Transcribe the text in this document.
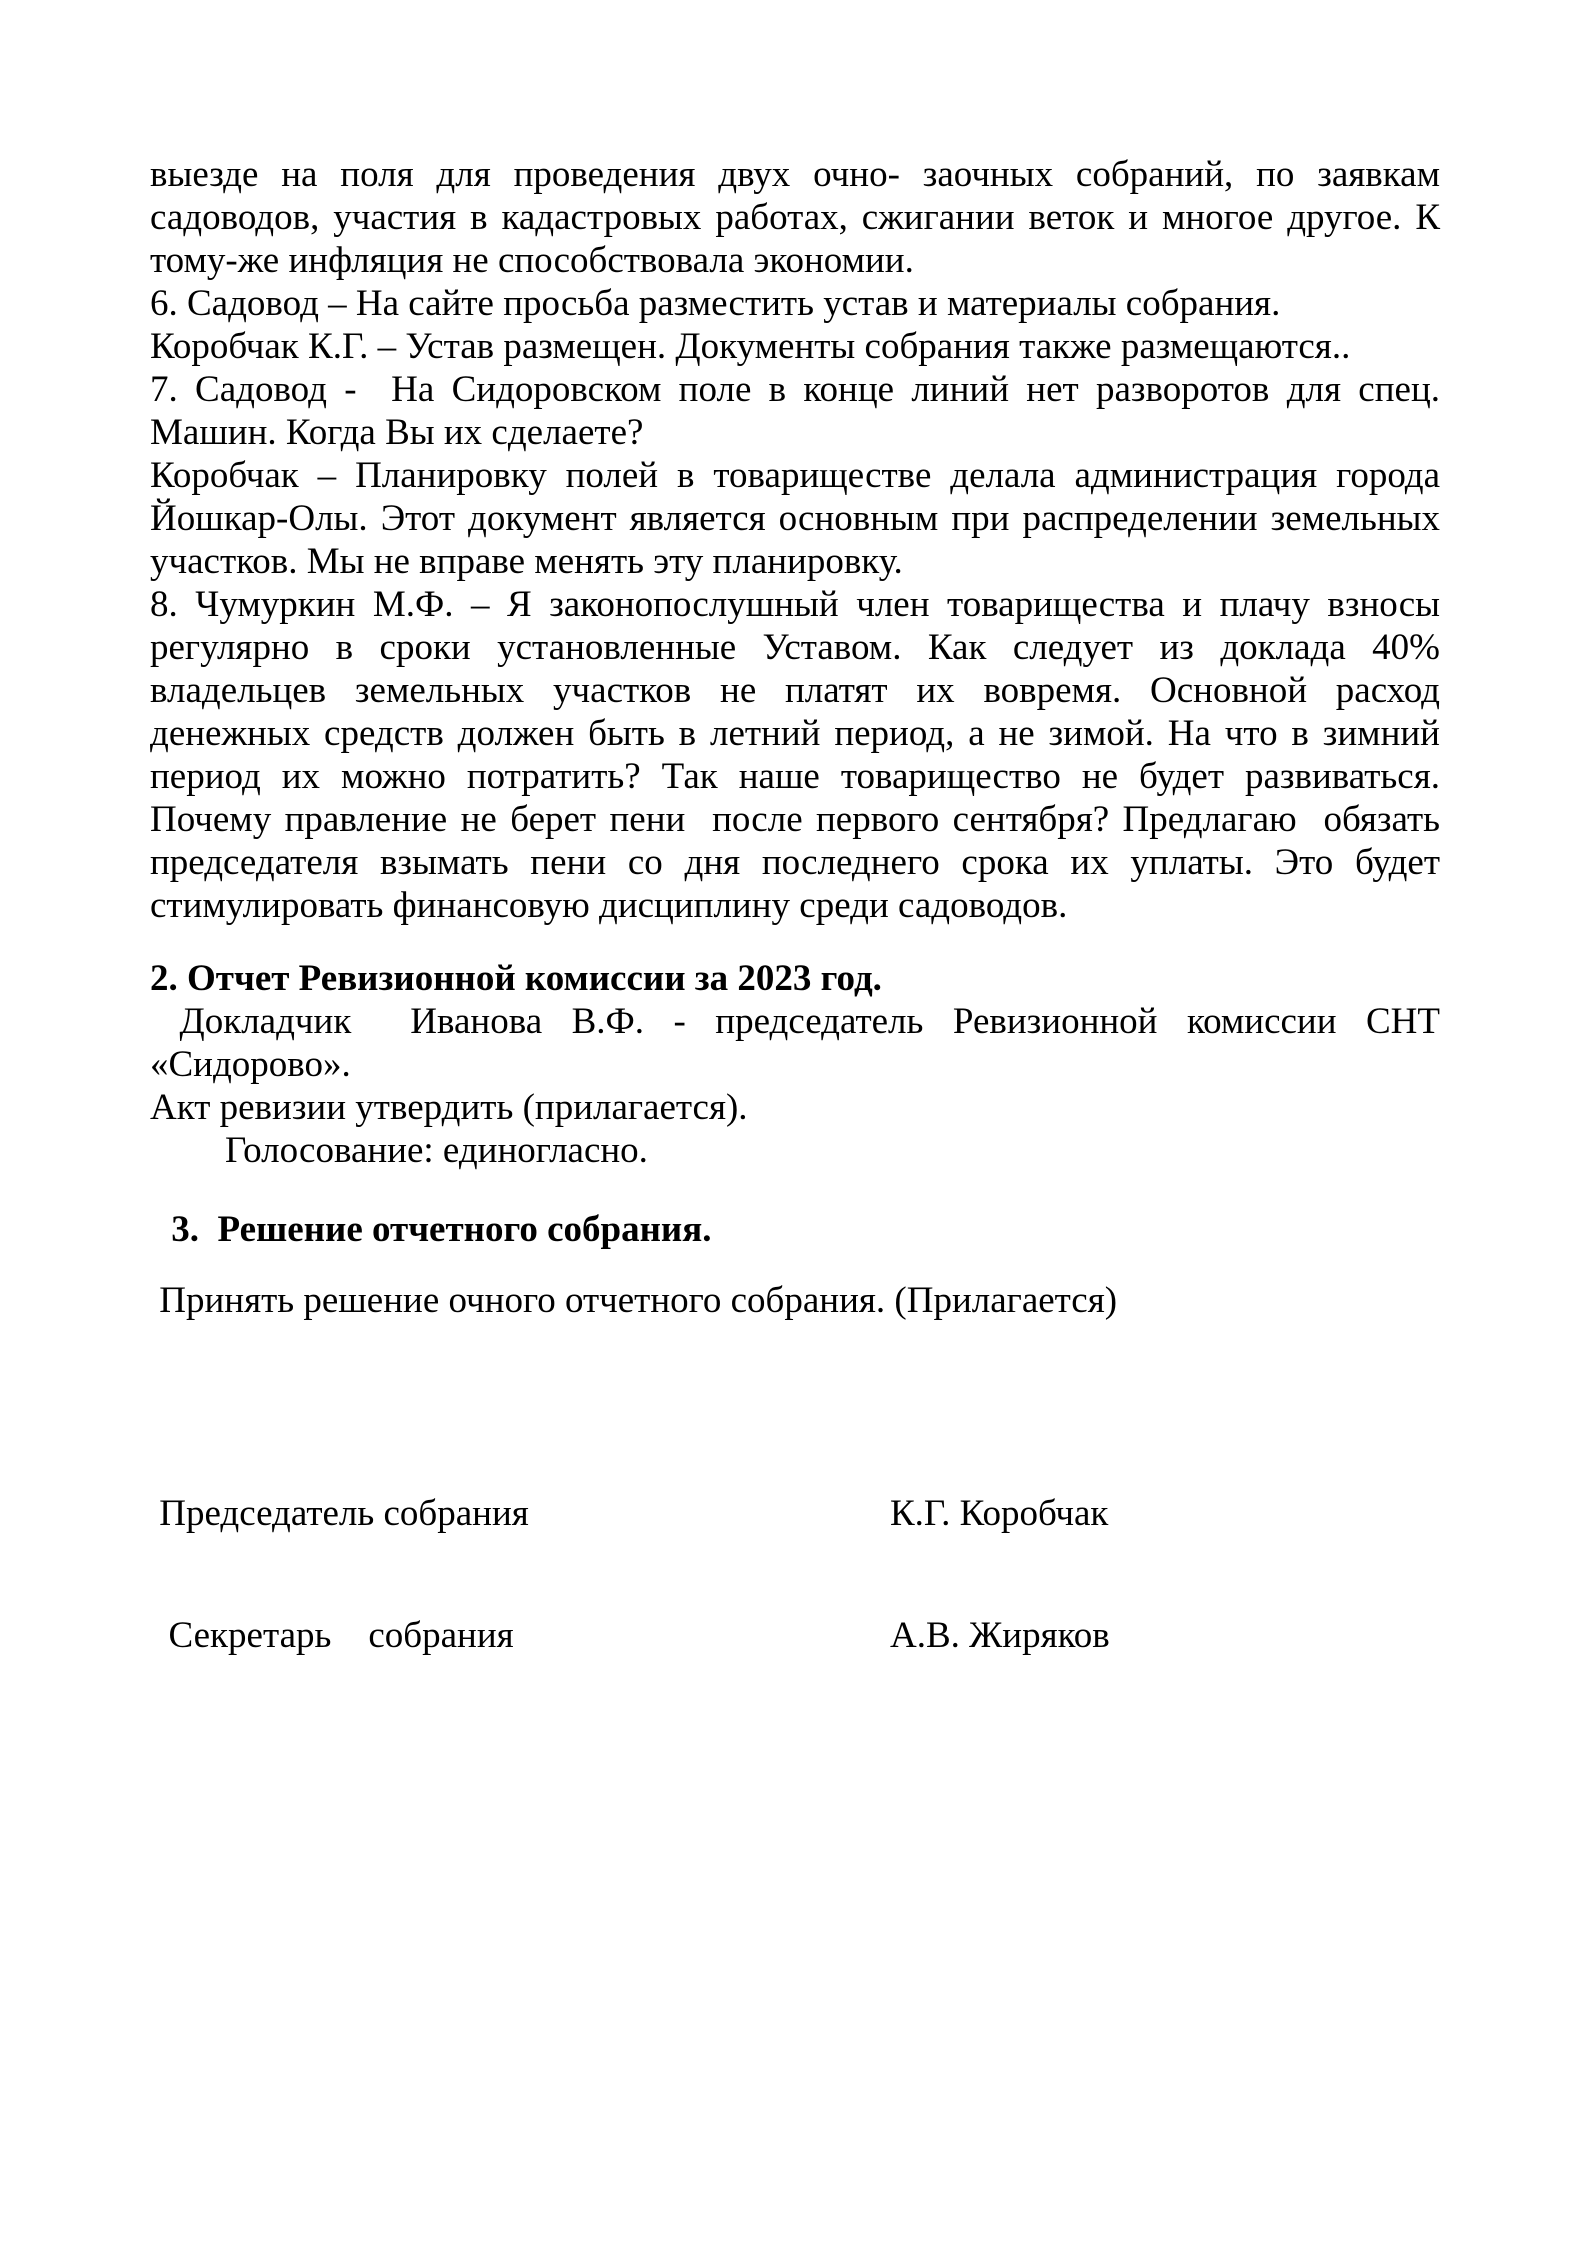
выезде на поля для проведения двух очно- заочных собраний, по заявкам садоводов, участия в кадастровых работах, сжигании веток и многое другое. К тому-же инфляция не способствовала экономии.

6. Садовод – На сайте просьба разместить устав и материалы собрания.

Коробчак К.Г. – Устав размещен. Документы собрания также размещаются..

7. Садовод -  На Сидоровском поле в конце линий нет разворотов для спец. Машин. Когда Вы их сделаете?

Коробчак – Планировку полей в товариществе делала администрация города Йошкар-Олы. Этот документ является основным при распределении земельных участков. Мы не вправе менять эту планировку.

8. Чумуркин М.Ф. – Я законопослушный член товарищества и плачу взносы регулярно в сроки установленные Уставом. Как следует из доклада 40% владельцев земельных участков не платят их вовремя. Основной расход денежных средств должен быть в летний период, а не зимой. На что в зимний период их можно потратить? Так наше товарищество не будет развиваться. Почему правление не берет пени  после первого сентября? Предлагаю  обязать председателя взымать пени со дня последнего срока их уплаты. Это будет стимулировать финансовую дисциплину среди садоводов.

2. Отчет Ревизионной комиссии за 2023 год.

Докладчик  Иванова В.Ф. - председатель Ревизионной комиссии СНТ «Сидорово».

Акт ревизии утвердить (прилагается).

Голосование: единогласно.

3.  Решение отчетного собрания.

Принять решение очного отчетного собрания. (Прилагается)

Председатель собрания	К.Г. Коробчак
Секретарь    собрания	А.В. Жиряков
